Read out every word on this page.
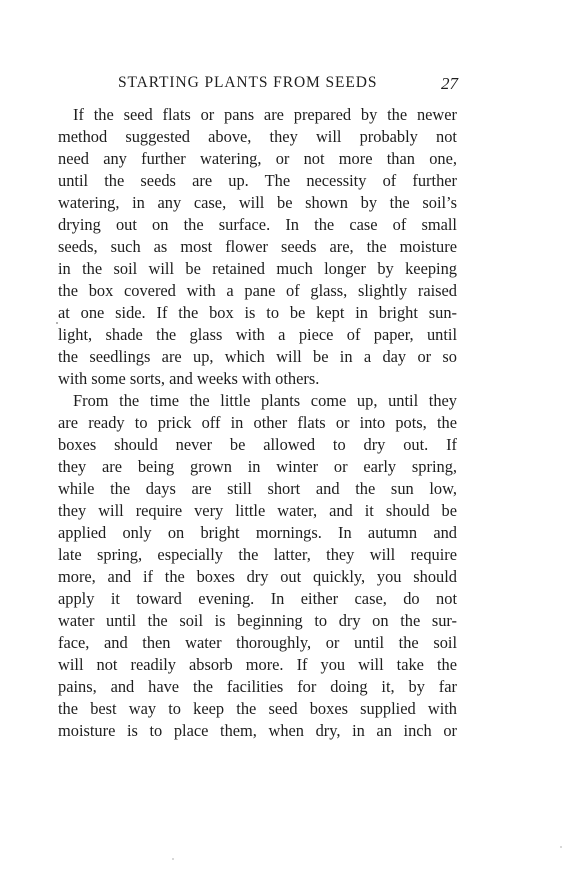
STARTING PLANTS FROM SEEDS	27
If the seed flats or pans are prepared by the newer
method suggested above, they will probably not
need any further watering, or not more than one,
until the seeds are up. The necessity of further
watering, in any case, will be shown by the soil’s
drying out on the surface. In the case of small
seeds, such as most flower seeds are, the moisture
in the soil will be retained much longer by keeping
the box covered with a pane of glass, slightly raised
at one side. If the box is to be kept in bright sun-
light, shade the glass with a piece of paper, until
the seedlings are up, which will be in a day or so
with some sorts, and weeks with others.
From the time the little plants come up, until they
are ready to prick off in other flats or into pots, the
boxes should never be allowed to dry out. If
they are being grown in winter or early spring,
while the days are still short and the sun low,
they will require very little water, and it should be
applied only on bright mornings. In autumn and
late spring, especially the latter, they will require
more, and if the boxes dry out quickly, you should
apply it toward evening. In either case, do not
water until the soil is beginning to dry on the sur-
face, and then water thoroughly, or until the soil
will not readily absorb more. If you will take the
pains, and have the facilities for doing it, by far
the best way to keep the seed boxes supplied with
moisture is to place them, when dry, in an inch or
